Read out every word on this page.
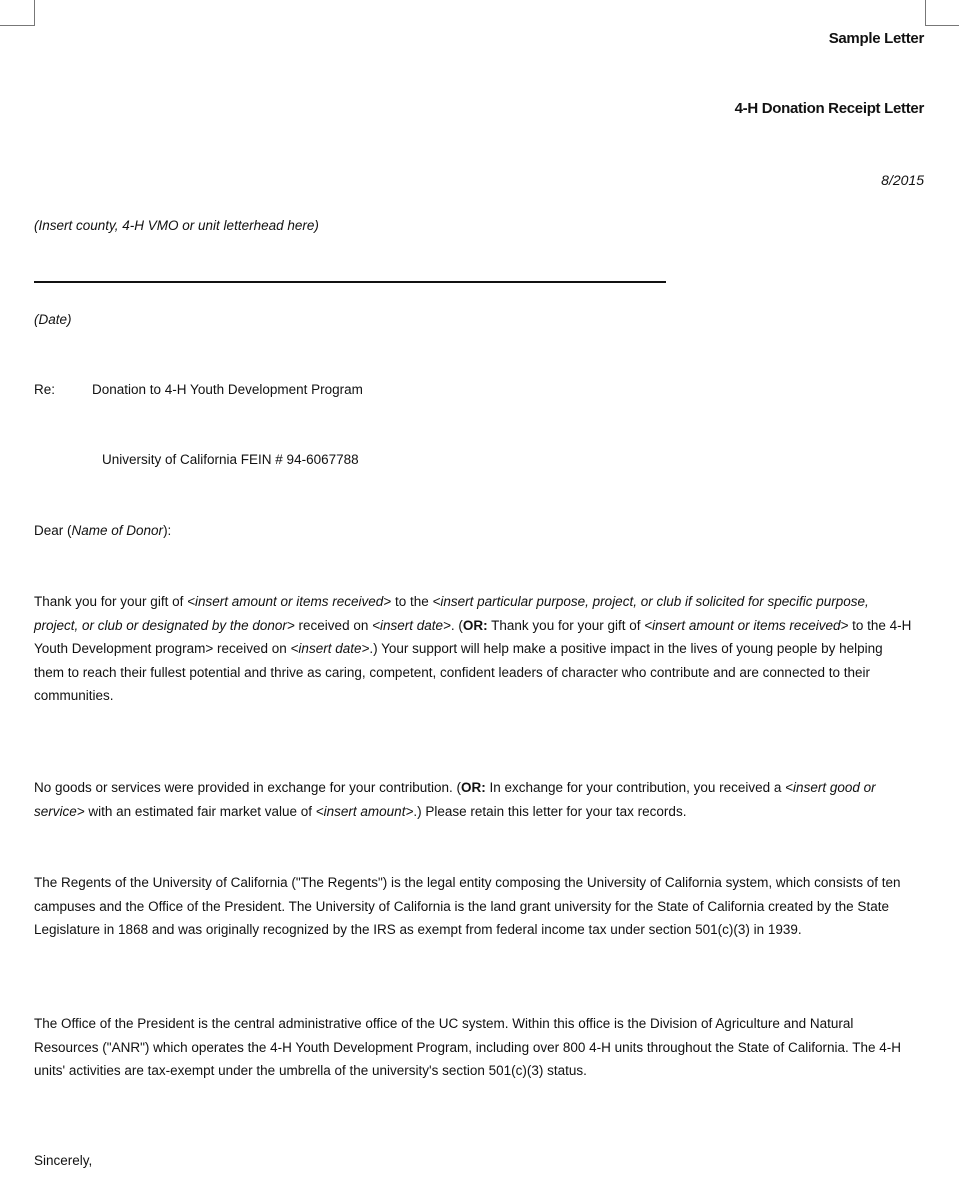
Sample Letter
4-H Donation Receipt Letter
8/2015
(Insert county, 4-H VMO or unit letterhead here)
(Date)
Re:	Donation to 4-H Youth Development Program
University of California FEIN # 94-6067788
Dear (Name of Donor):
Thank you for your gift of <insert amount or items received> to the <insert particular purpose, project, or club if solicited for specific purpose, project, or club or designated by the donor> received on <insert date>. (OR: Thank you for your gift of <insert amount or items received> to the 4-H Youth Development program> received on <insert date>.) Your support will help make a positive impact in the lives of young people by helping them to reach their fullest potential and thrive as caring, competent, confident leaders of character who contribute and are connected to their communities.
No goods or services were provided in exchange for your contribution. (OR: In exchange for your contribution, you received a <insert good or service> with an estimated fair market value of <insert amount>.) Please retain this letter for your tax records.
The Regents of the University of California ("The Regents") is the legal entity composing the University of California system, which consists of ten campuses and the Office of the President. The University of California is the land grant university for the State of California created by the State Legislature in 1868 and was originally recognized by the IRS as exempt from federal income tax under section 501(c)(3) in 1939.
The Office of the President is the central administrative office of the UC system. Within this office is the Division of Agriculture and Natural Resources ("ANR") which operates the 4-H Youth Development Program, including over 800 4-H units throughout the State of California. The 4-H units' activities are tax-exempt under the umbrella of the university's section 501(c)(3) status.
Sincerely,
